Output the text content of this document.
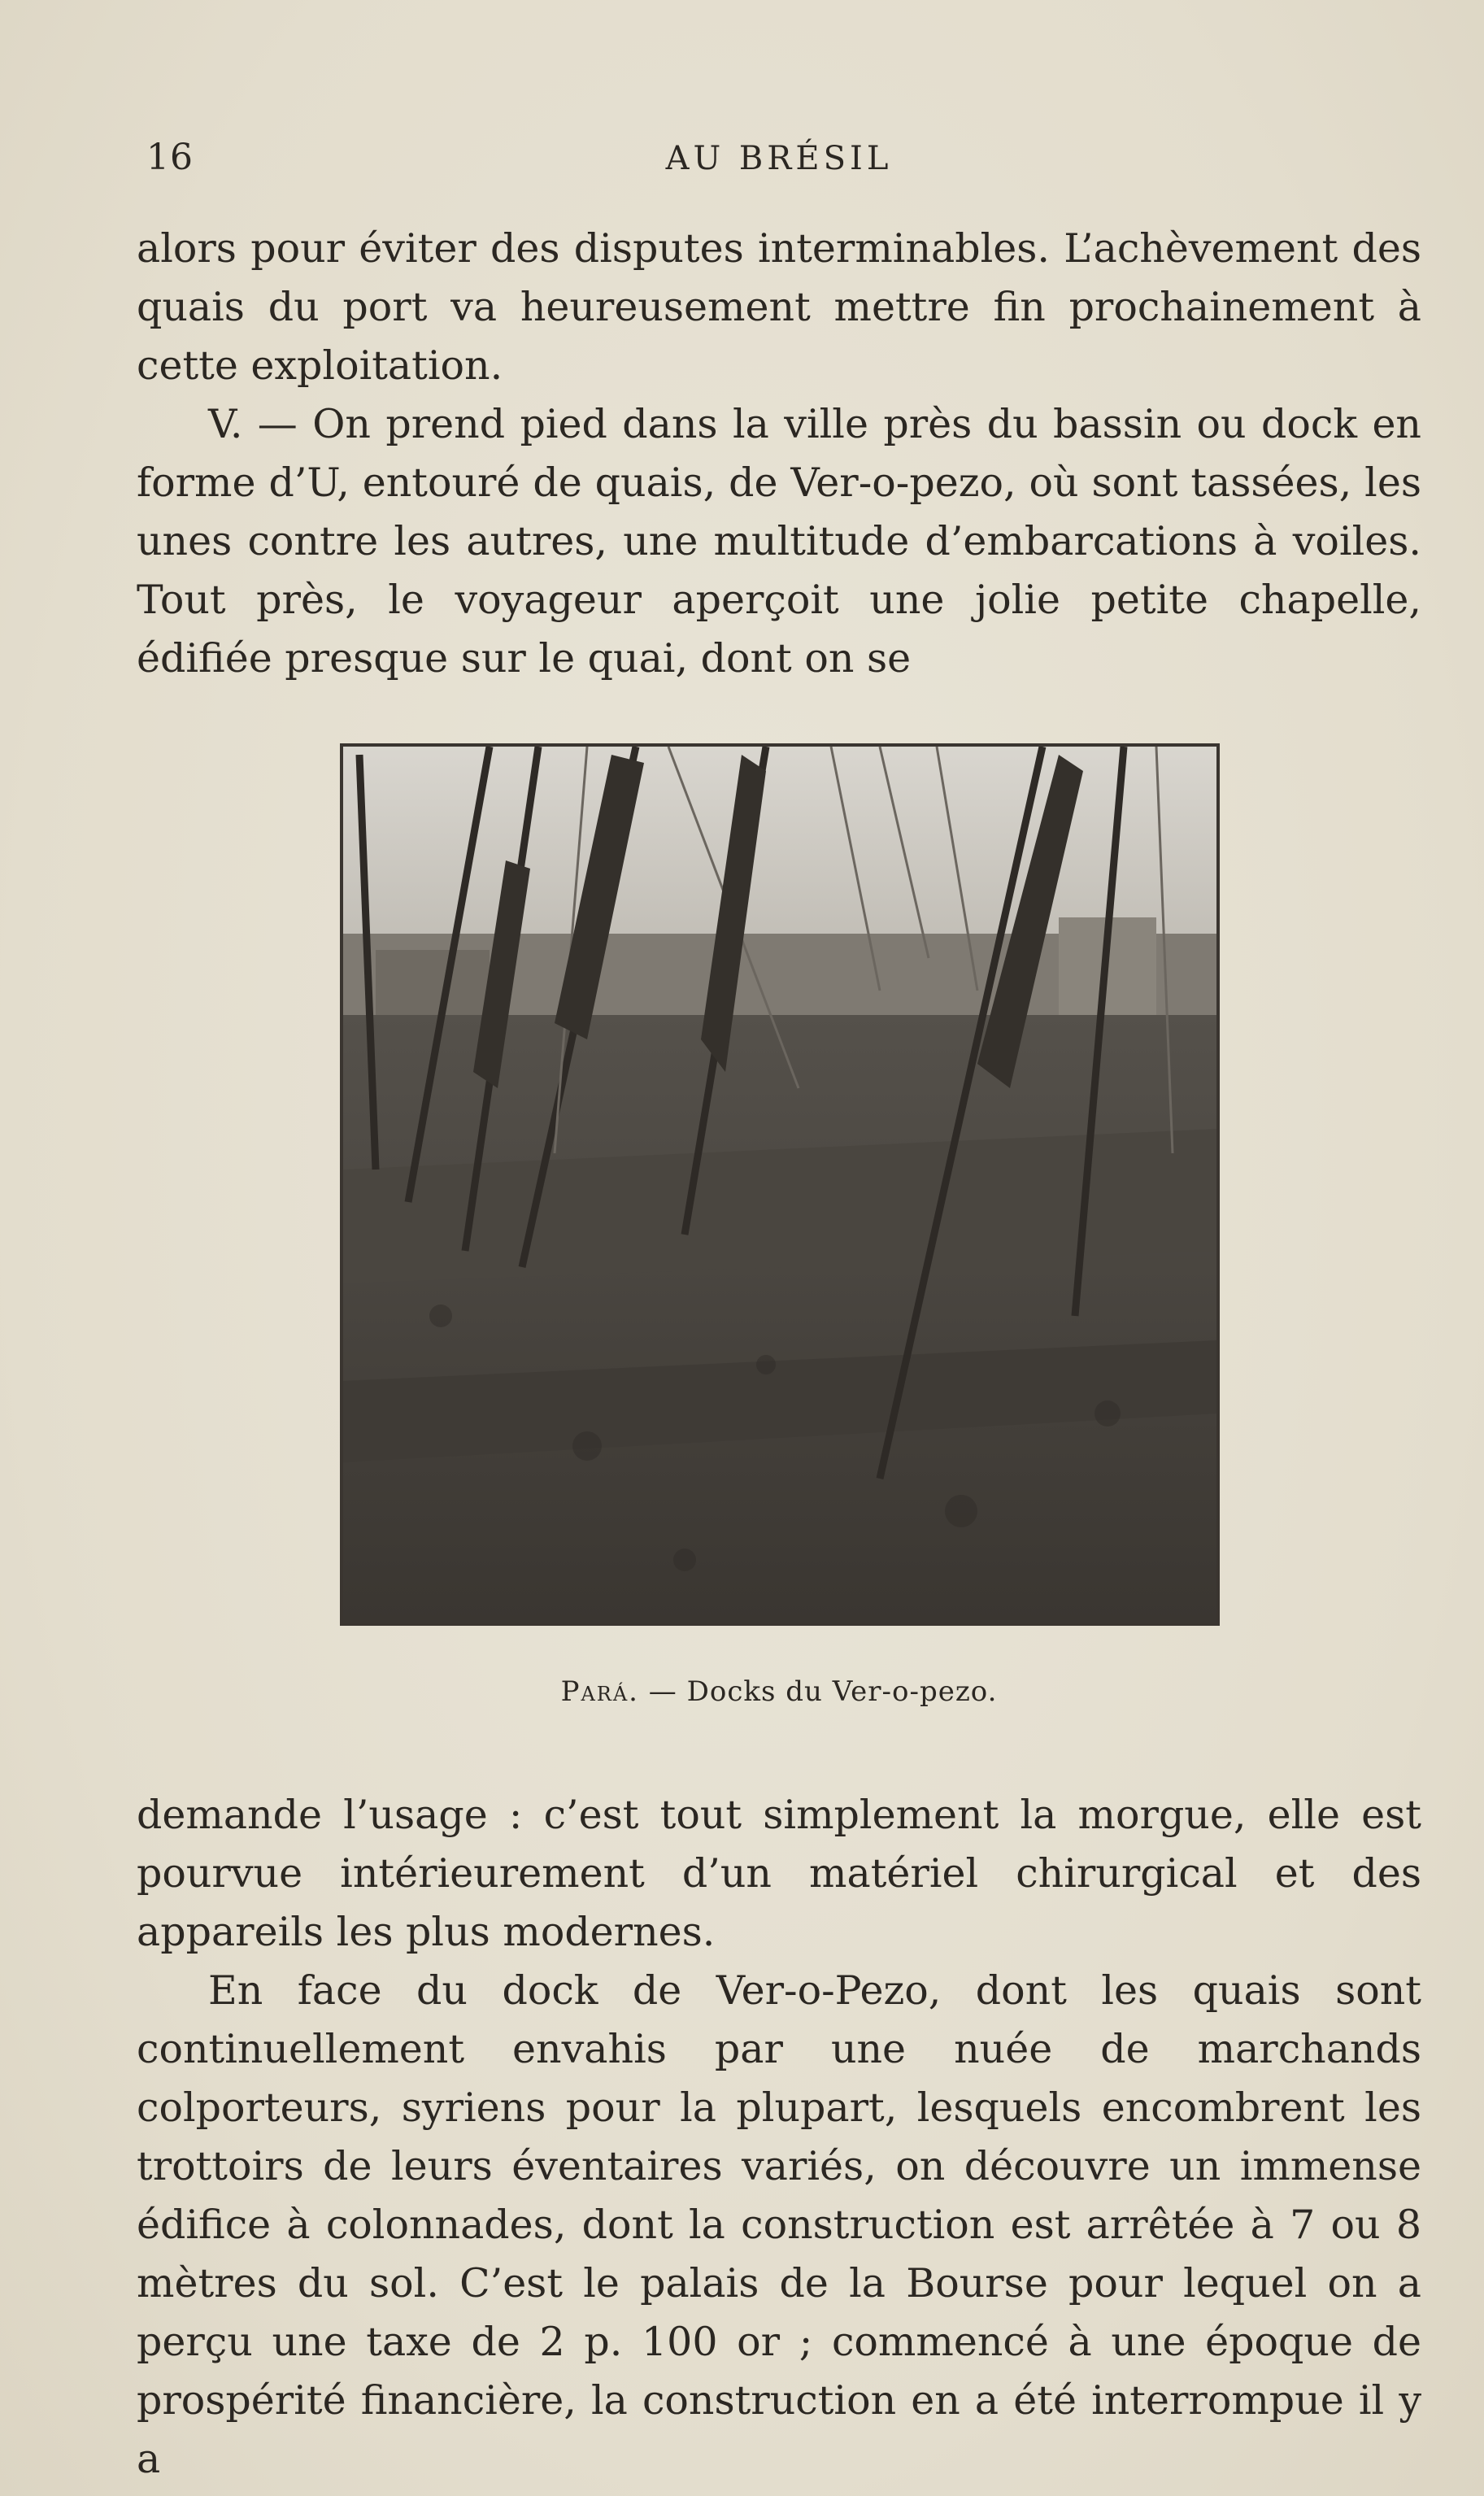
16	AU BRÉSIL

alors pour éviter des disputes interminables. L’achèvement des quais du port va heureusement mettre fin prochainement à cette exploitation.

V. — On prend pied dans la ville près du bassin ou dock en forme d’U, entouré de quais, de Ver-o-pezo, où sont tassées, les unes contre les autres, une multitude d’embarcations à voiles. Tout près, le voyageur aperçoit une jolie petite chapelle, édifiée presque sur le quai, dont on se

Pará. — Docks du Ver-o-pezo.

demande l’usage : c’est tout simplement la morgue, elle est pourvue intérieurement d’un matériel chirurgical et des appareils les plus modernes.

En face du dock de Ver-o-Pezo, dont les quais sont continuellement envahis par une nuée de marchands colporteurs, syriens pour la plupart, lesquels encombrent les trottoirs de leurs éventaires variés, on découvre un immense édifice à colonnades, dont la construction est arrêtée à 7 ou 8 mètres du sol. C’est le palais de la Bourse pour lequel on a perçu une taxe de 2 p. 100 or ; commencé à une époque de prospérité financière, la construction en a été interrompue il y a
